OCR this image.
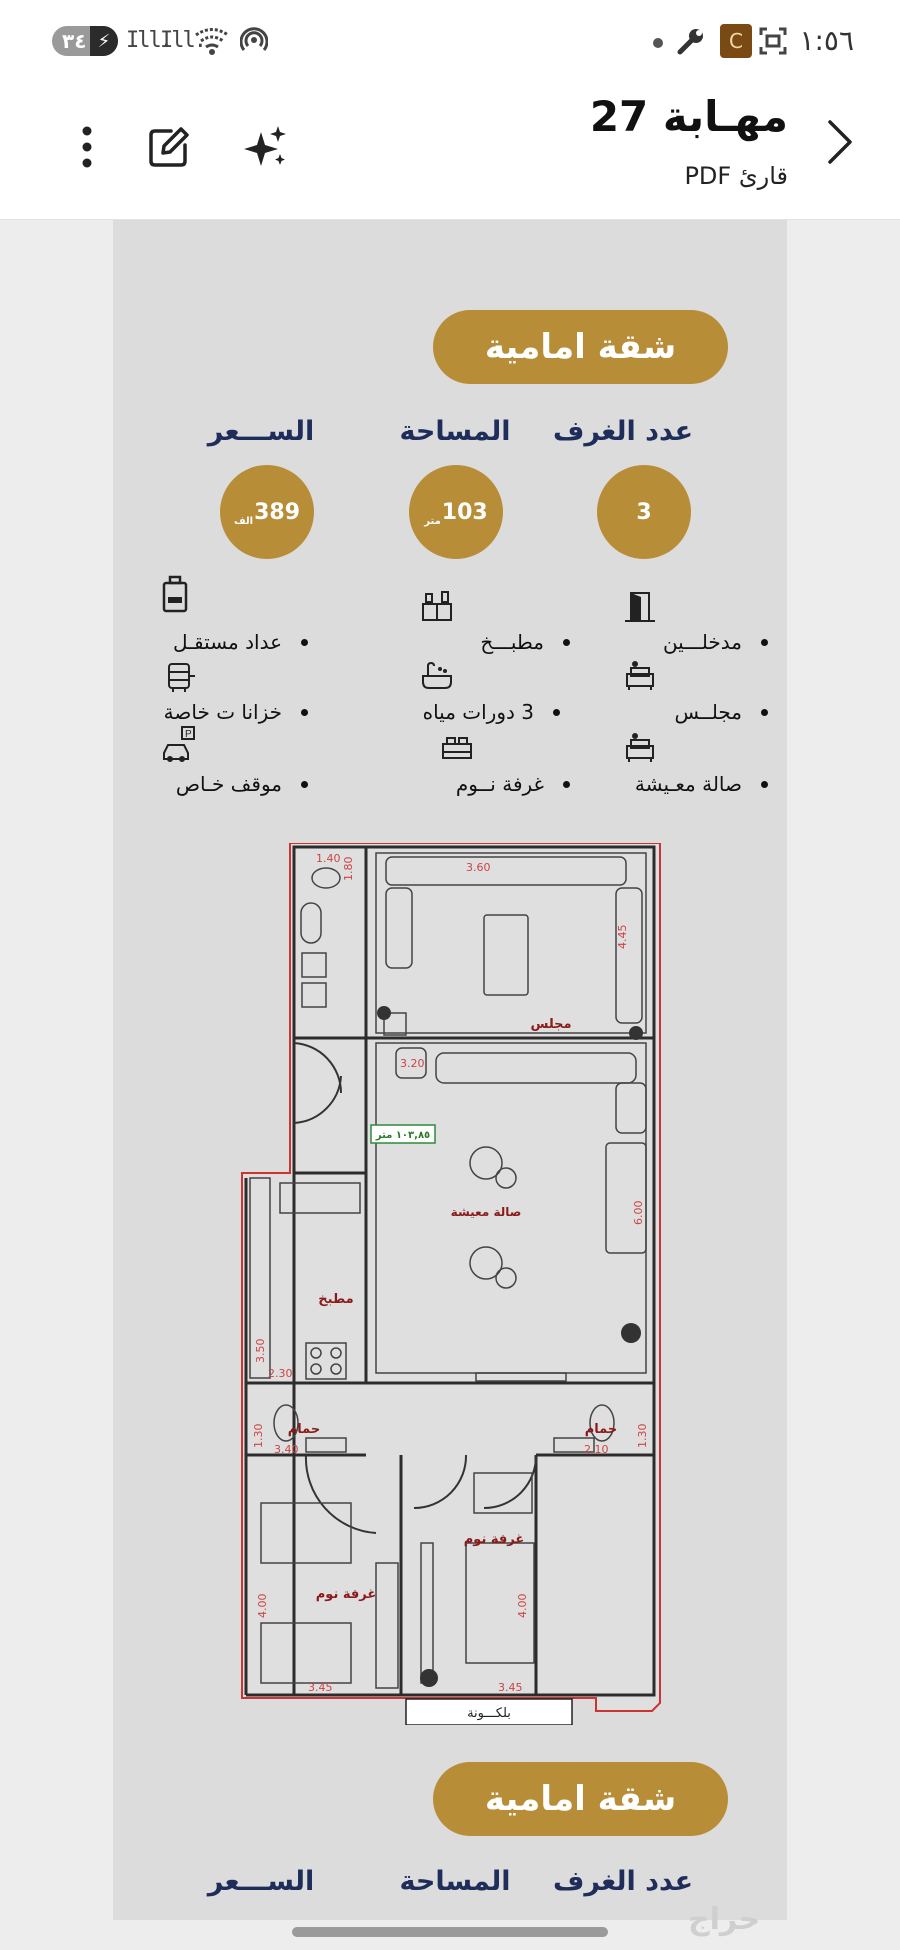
٣٤ ⚡ Ill.
Ill.	C	١:٥٦
مهـابة 27
قارئ PDF
شقة امامية
عدد الغرف
المساحة
الســـعر
3
103
متر
389
الف
مدخلـــين
مطبـــخ
عداد مستقـل
مجلــس
3 دورات مياه
خزانا ت خاصة
صالة معـيشة
غرفة نــوم
P
موقف خـاص
مجلس
صالة معيشة
مطبخ
حمام	حمام
غرفة نوم
غرفة نوم
١٠٣,٨٥ متر
بلكـــونة
1.40 1.80	3.60
4.45
3.20
6.00
3.50
2.30
1.30
3.40
1.30
2.10
4.00	4.00
3.45	3.45
شقة امامية
عدد الغرف
المساحة
الســـعر
حراج
